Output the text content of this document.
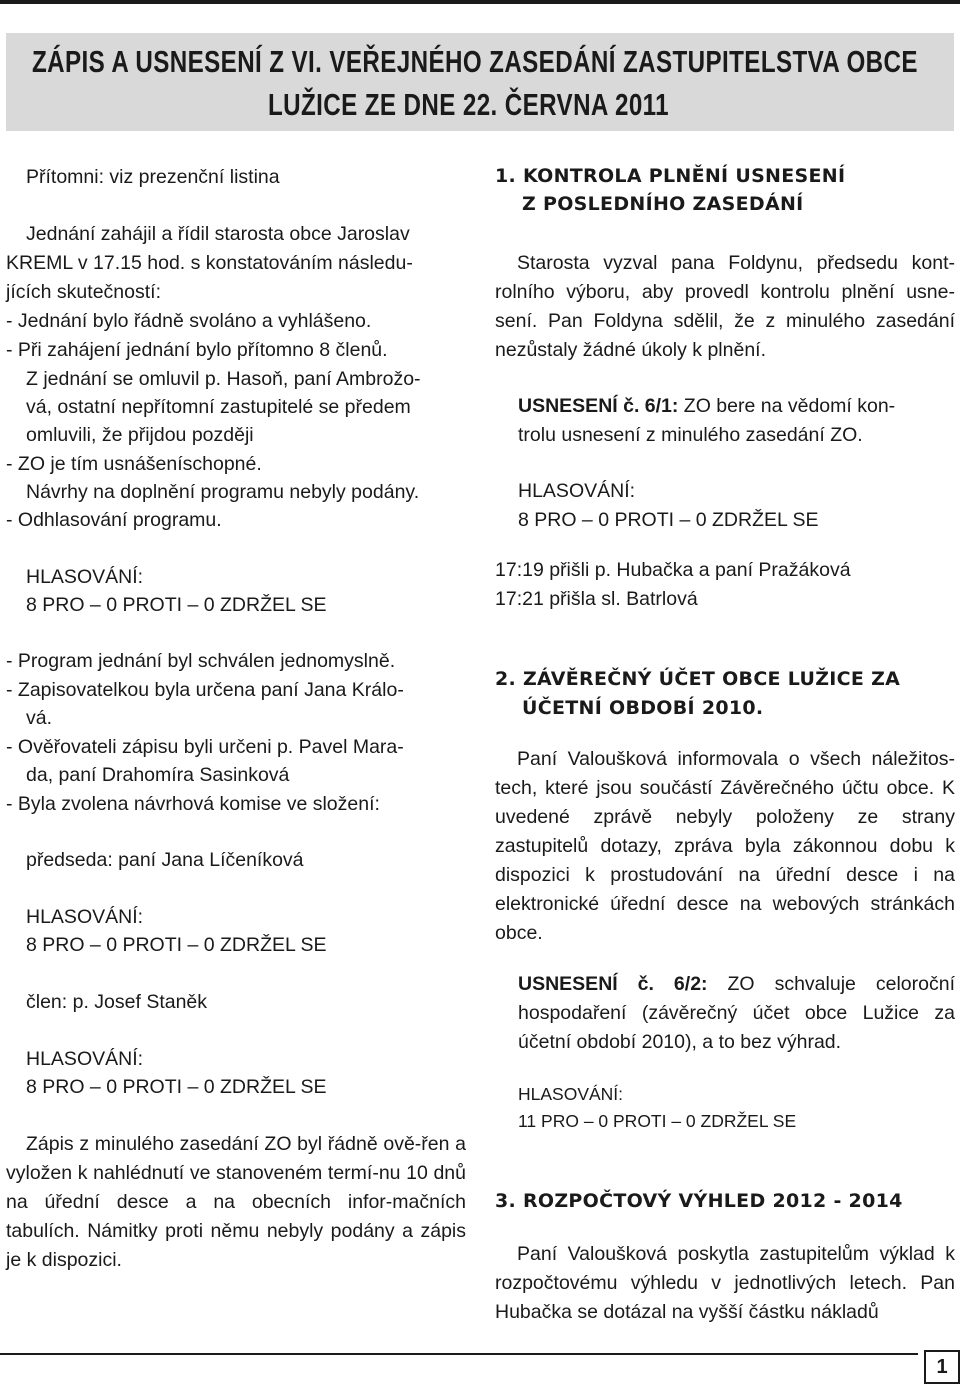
ZÁPIS A USNESENÍ Z VI. VEŘEJNÉHO ZASEDÁNÍ ZASTUPITELSTVA OBCE
LUŽICE ZE DNE 22. ČERVNA 2011
Přítomni: viz prezenční listina
Jednání zahájil a řídil starosta obce Jaroslav
KREML v 17.15 hod. s konstatováním následu-
jících skutečností:
- Jednání bylo řádně svoláno a vyhlášeno.
- Při zahájení jednání bylo přítomno 8 členů.
Z jednání se omluvil p. Hasoň, paní Ambrožo-
vá, ostatní nepřítomní zastupitelé se předem
omluvili, že přijdou později
- ZO je tím usnášeníschopné.
Návrhy na doplnění programu nebyly podány.
- Odhlasování programu.
HLASOVÁNÍ:
8 PRO – 0 PROTI – 0 ZDRŽEL SE
- Program jednání byl schválen jednomyslně.
- Zapisovatelkou byla určena paní Jana Králo-
vá.
- Ověřovateli zápisu byli určeni p. Pavel Mara-
da, paní Drahomíra Sasinková
- Byla zvolena návrhová komise ve složení:
předseda: paní Jana Líčeníková
HLASOVÁNÍ:
8 PRO – 0 PROTI – 0 ZDRŽEL SE
člen: p. Josef Staněk
HLASOVÁNÍ:
8 PRO – 0 PROTI – 0 ZDRŽEL SE
Zápis z minulého zasedání ZO byl řádně ově-řen a vyložen k nahlédnutí ve stanoveném termí-nu 10 dnů na úřední desce a na obecních infor-mačních tabulích. Námitky proti němu nebyly podány a zápis je k dispozici.
1. KONTROLA PLNĚNÍ USNESENÍ
Z POSLEDNÍHO ZASEDÁNÍ
Starosta vyzval pana Foldynu, předsedu kont-rolního výboru, aby provedl kontrolu plnění usne-sení. Pan Foldyna sdělil, že z minulého zasedání nezůstaly žádné úkoly k plnění.
USNESENÍ č. 6/1: ZO bere na vědomí kon-
trolu usnesení z minulého zasedání ZO.
HLASOVÁNÍ:
8 PRO – 0 PROTI – 0 ZDRŽEL SE
17:19 přišli p. Hubačka a paní Pražáková
17:21 přišla sl. Batrlová
2. ZÁVĚREČNÝ ÚČET OBCE LUŽICE ZA
ÚČETNÍ OBDOBÍ 2010.
Paní Valoušková informovala o všech náležitos-tech, které jsou součástí Závěrečného účtu obce. K uvedené zprávě nebyly položeny ze strany zastupitelů dotazy, zpráva byla zákonnou dobu k dispozici k prostudování na úřední desce i na elektronické úřední desce na webových stránkách obce.
USNESENÍ č. 6/2: ZO schvaluje celoroční hospodaření (závěrečný účet obce Lužice za účetní období 2010), a to bez výhrad.
HLASOVÁNÍ:
11 PRO – 0 PROTI – 0 ZDRŽEL SE
3. ROZPOČTOVÝ VÝHLED 2012 - 2014
Paní Valoušková poskytla zastupitelům výklad k rozpočtovému výhledu v jednotlivých letech. Pan Hubačka se dotázal na vyšší částku nákladů
1
